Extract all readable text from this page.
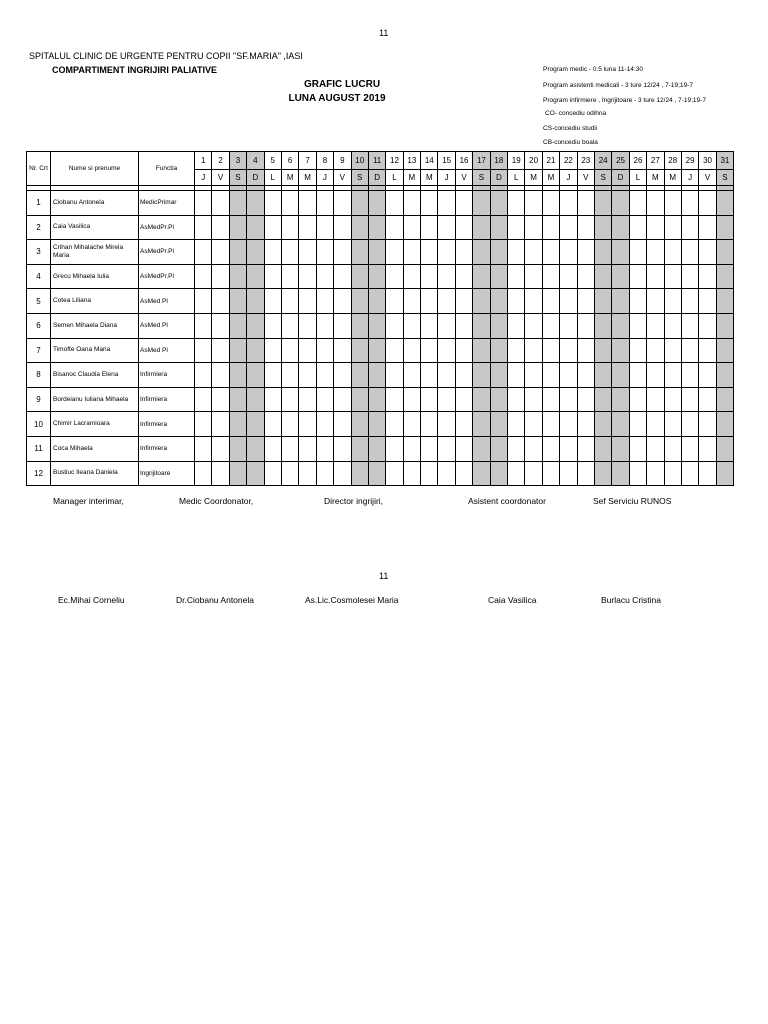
11
SPITALUL CLINIC DE URGENTE PENTRU COPII "SF.MARIA" ,IASI
COMPARTIMENT INGRIJIRI PALIATIVE
GRAFIC LUCRU
LUNA AUGUST 2019
Program medic - 0.5 luna 11-14:30
Program asistenti medicali - 3 ture 12/24 , 7-19;19-7
Program infirmiere , îngrijitoare - 3 ture 12/24 , 7-19;19-7
CO- concediu odihna
CS-concediu studii
CB-concediu boala
Nr. Crt	Nume si prenume	Functia	1	2	3	4	5	6	7	8	9	10	11	12	13	14	15	16	17	18	19	20	21	22	23	24	25	26	27	28	29	30	31
			J	V	S	D	L	M	M	J	V	S	D	L	M	M	J	V	S	D	L	M	M	J	V	S	D	L	M	M	J	V	S

1	Ciobanu Antonela	MedicPrimar																															
2	Caia Vasilica	AsMedPr.Pl																															
3	Crihan Mihalache Mirela Maria	AsMedPr.Pl																															
4	Grecu Mihaela Iulia	AsMedPr.Pl																															
5	Cotea Liliana	AsMed Pl																															
6	Semen Mihaela Diana	AsMed Pl																															
7	Timofte Oana Maria	AsMed Pl																															
8	Bisanoc Claudia Elena	Infirmiera																															
9	Bordeianu Iuliana Mihaela	Infirmiera																															
10	Chimir Lacramioara	Infirmiera																															
11	Coca Mihaela	Infirmiera																															
12	Bustiuc Ileana Daniela	Ingrijitoare																															
Manager interimar,	Medic Coordonator,	Director ingrijiri,	Asistent coordonator	Sef Serviciu RUNOS
11
Ec.Mihai Corneliu	Dr.Ciobanu Antonela	As.Lic.Cosmolesei Maria	Caia Vasilica	Burlacu Cristina
